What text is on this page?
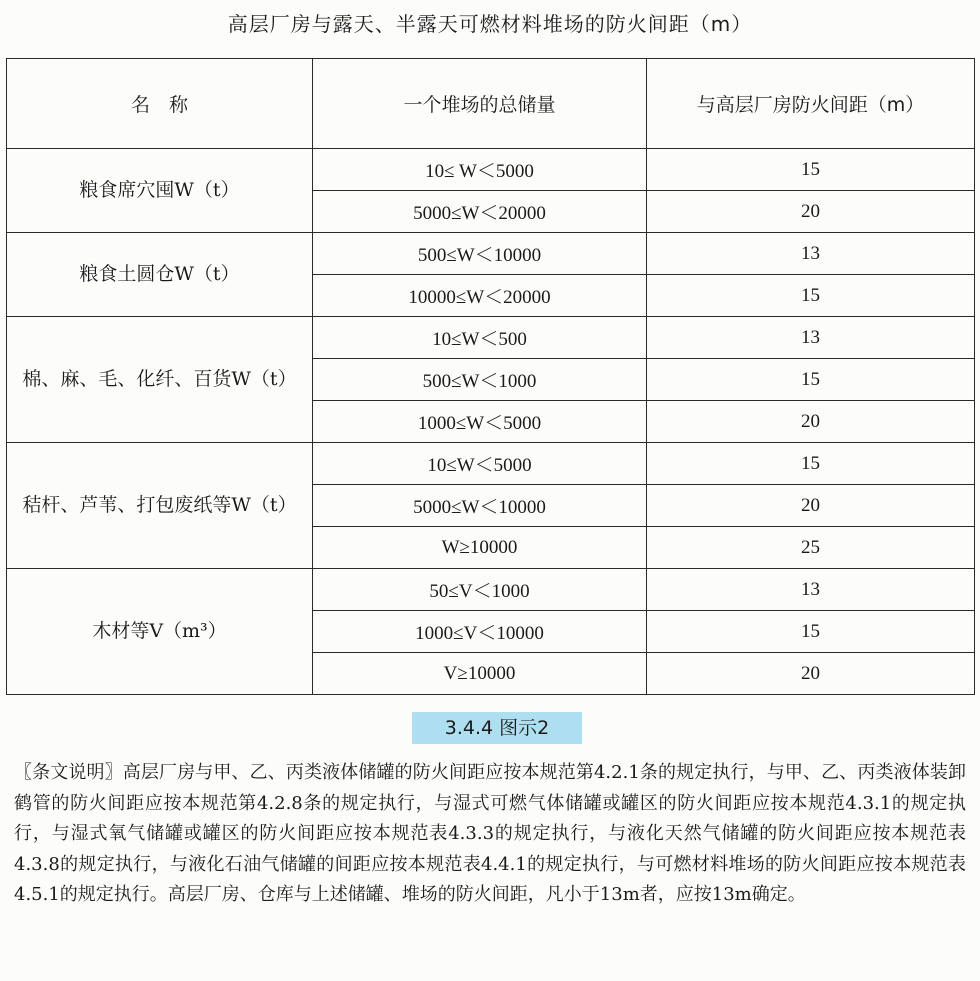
高层厂房与露天、半露天可燃材料堆场的防火间距（m）
名　称	一个堆场的总储量	与高层厂房防火间距（m）
粮食席穴囤W（t）	10≤ W＜5000	15
	5000≤W＜20000	20
粮食土圆仓W（t）	500≤W＜10000	13
	10000≤W＜20000	15
棉、麻、毛、化纤、百货W（t）	10≤W＜500	13
	500≤W＜1000	15
	1000≤W＜5000	20
秸杆、芦苇、打包废纸等W（t）	10≤W＜5000	15
	5000≤W＜10000	20
	W≥10000	25
木材等V（m³）	50≤V＜1000	13
	1000≤V＜10000	15
	V≥10000	20
3.4.4 图示2
〖条文说明〗高层厂房与甲、乙、丙类液体储罐的防火间距应按本规范第4.2.1条的规定执行，与甲、乙、丙类液体装卸鹤管的防火间距应按本规范第4.2.8条的规定执行，与湿式可燃气体储罐或罐区的防火间距应按本规范4.3.1的规定执行，与湿式氧气储罐或罐区的防火间距应按本规范表4.3.3的规定执行，与液化天然气储罐的防火间距应按本规范表4.3.8的规定执行，与液化石油气储罐的间距应按本规范表4.4.1的规定执行，与可燃材料堆场的防火间距应按本规范表4.5.1的规定执行。高层厂房、仓库与上述储罐、堆场的防火间距，凡小于13m者，应按13m确定。
